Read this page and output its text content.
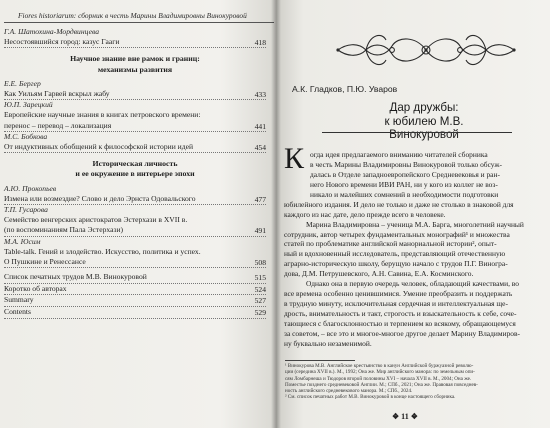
Fiores historiarum: сборник в честь Марины Владимировны Винокуровой
Г.А. Шатохина-Мордвинцева
Несостоявшийся город: казус Гааги	418
Научное знание вне рамок и границ:
механизмы развития
Е.Е. Бергер
Как Уильям Гарвей вскрыл жабу	433
Ю.П. Зарецкий
Европейские научные знания в книгах петровского времени:
перенос – перевод – локализация	441
М.С. Бобкова
От индуктивных обобщений к философской истории идей	454
Историческая личность
и ее окружение в интерьере эпохи
А.Ю. Прокопьев
Измена или возмездие? Слово и дело Эрнста Одовальского	477
Т.П. Гусарова
Семейство венгерских аристократов Эстерхази в XVII в.
(по воспоминаниям Пала Эстерхази)	491
М.А. Юсим
Table-talk. Гений и злодейство. Искусство, политика и успех.
О Пушкине и Ренессансе	508
Список печатных трудов М.В. Винокуровой	515
Коротко об авторах	524
Summary	527
Contents	529
А.К. Гладков, П.Ю. Уваров
Дар дружбы:
к юбилею М.В. Винокуровой
К огда идея предлагаемого вниманию читателей сборника
в честь Марины Владимировны Винокуровой только обсуж-
далась в Отделе западноевропейского Средневековья и ран-
него Нового времени ИВИ РАН, ни у кого из коллег не воз-
никало и малейших сомнений в необходимости подготовки
юбилейного издания. И дело не только и даже не столько в знаковой для
каждого из нас дате, дело прежде всего в человеке.
Марина Владимировна – ученица М.А. Барга, многолетний научный
сотрудник, автор четырех фундаментальных монографий¹ и множества
статей по проблематике английской манориальной истории², опыт-
ный и вдохновенный исследователь, представляющий отечественную
аграрно-историческую школу, берущую начало с трудов П.Г. Виногра-
дова, Д.М. Петрушевского, А.Н. Савина, Е.А. Косминского.
Однако она в первую очередь человек, обладающий качествами, во
все времена особенно ценившимися. Умение преобразить и поддержать
в трудную минуту, исключительная сердечная и интеллектуальная ще-
дрость, внимательность и такт, строгость и взыскательность к себе, соче-
тающиеся с благосклонностью и терпением ко всякому, обращающемуся
за советом, – все это и многое-многое другое делает Марину Владимиров-
ну буквально незаменимой.
¹ Винокурова М.В. Английское крестьянство в канун Английской буржуазной револю-
ции (середина XVII в.). М., 1992; Она же. Мир английского манора: по земельным опи-
сям Ломбарнеша и Тюдоров второй половины XVI – начала XVII в. М., 2004; Она же.
Поместье позднего средневековой Англии. М.; СПб., 2021; Она же. Правовая повседнев-
ность английского средневекового манора. М.; СПб., 2024.
² См. список печатных работ М.В. Винокуровой в конце настоящего сборника.
❖ 11 ❖
